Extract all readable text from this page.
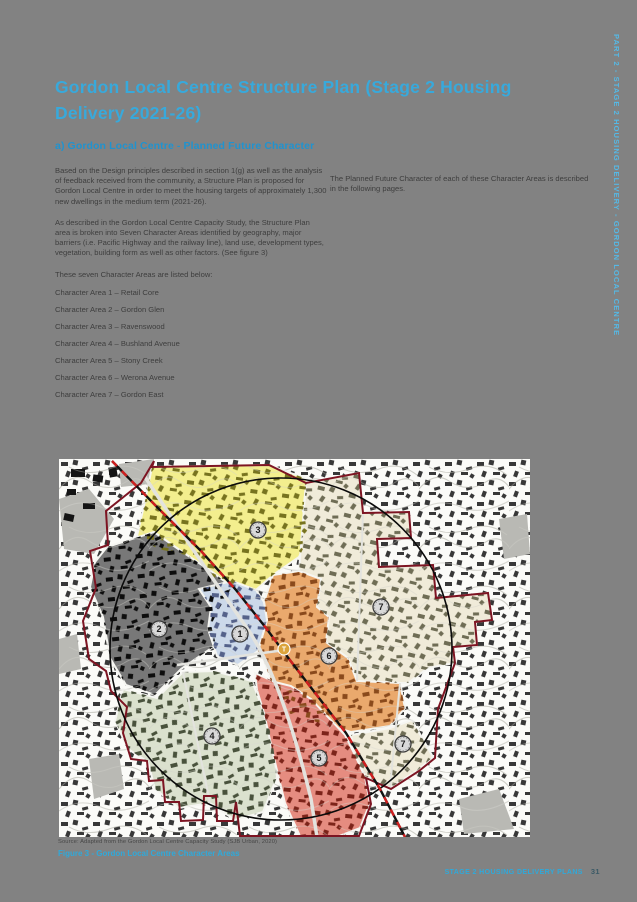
Gordon Local Centre Structure Plan (Stage 2 Housing Delivery 2021-26)
a) Gordon Local Centre - Planned Future Character

Based on the Design principles described in section 1(g) as well as the analysis of feedback received from the community, a Structure Plan is proposed for Gordon Local Centre in order to meet the housing targets of approximately 1,300 new dwellings in the medium term (2021-26).

As described in the Gordon Local Centre Capacity Study, the Structure Plan area is broken into Seven Character Areas identified by geography, major barriers (i.e. Pacific Highway and the railway line), land use, development types, vegetation, building form as well as other factors. (See figure 3)

These seven Character Areas are listed below:

Character Area 1 – Retail Core
Character Area 2 – Gordon Glen
Character Area 3 – Ravenswood
Character Area 4 – Bushland Avenue
Character Area 5 – Stony Creek
Character Area 6 – Werona Avenue
Character Area 7 – Gordon East

The Planned Future Character of each of these Character Areas is described in the following pages.	PART 2 - STAGE 2 HOUSING DELIVERY - GORDON LOCAL CENTRE
T
1
2
3
4
5
6
7
7
Source: Adapted from the Gordon Local Centre Capacity Study (SJB Urban, 2020)
Figure 3 - Gordon Local Centre Character Areas
STAGE 2 HOUSING DELIVERY PLANS 31
